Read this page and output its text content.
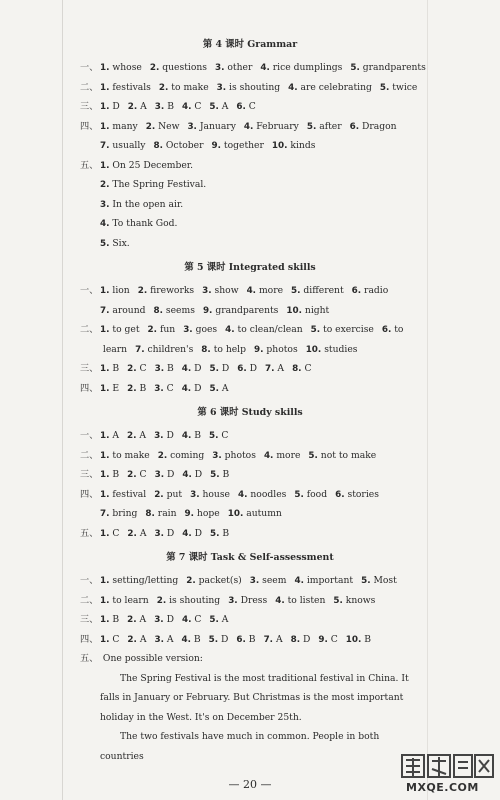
第 4 课时 Grammar
一、 1. whose 2. questions 3. other 4. rice dumplings 5. grandparents
二、 1. festivals 2. to make 3. is shouting 4. are celebrating 5. twice
三、 1. D 2. A 3. B 4. C 5. A 6. C
四、 1. many 2. New 3. January 4. February 5. after 6. Dragon
7. usually 8. October 9. together 10. kinds
五、 1. On 25 December.
2. The Spring Festival.
3. In the open air.
4. To thank God.
5. Six.
第 5 课时 Integrated skills
一、 1. lion 2. fireworks 3. show 4. more 5. different 6. radio
7. around 8. seems 9. grandparents 10. night
二、 1. to get 2. fun 3. goes 4. to clean/clean 5. to exercise 6. to
learn 7. children's 8. to help 9. photos 10. studies
三、 1. B 2. C 3. B 4. D 5. D 6. D 7. A 8. C
四、 1. E 2. B 3. C 4. D 5. A
第 6 课时 Study skills
一、 1. A 2. A 3. D 4. B 5. C
二、 1. to make 2. coming 3. photos 4. more 5. not to make
三、 1. B 2. C 3. D 4. D 5. B
四、 1. festival 2. put 3. house 4. noodles 5. food 6. stories
7. bring 8. rain 9. hope 10. autumn
五、 1. C 2. A 3. D 4. D 5. B
第 7 课时 Task & Self-assessment
一、 1. setting/letting 2. packet(s) 3. seem 4. important 5. Most
二、 1. to learn 2. is shouting 3. Dress 4. to listen 5. knows
三、 1. B 2. A 3. D 4. C 5. A
四、 1. C 2. A 3. A 4. B 5. D 6. B 7. A 8. D 9. C 10. B
五、 One possible version:

The Spring Festival is the most traditional festival in China. It falls in January or February. But Christmas is the most important holiday in the West. It's on December 25th.

The two festivals have much in common. People in both countries

— 20 —	MXQE.COM
